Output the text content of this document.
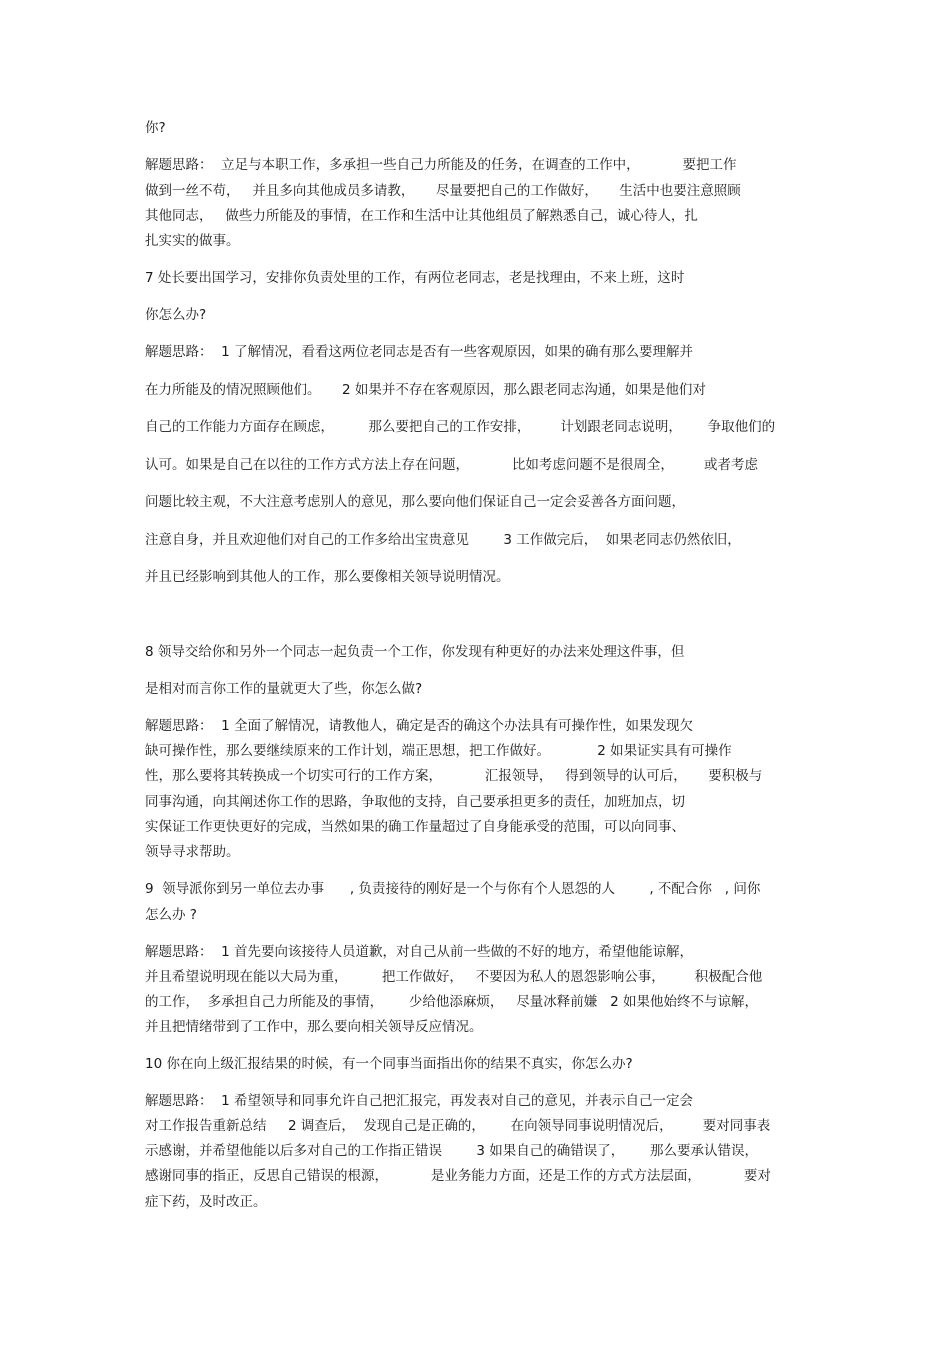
你?
解题思路：  立足与本职工作，多承担一些自己力所能及的任务，在调查的工作中，          要把工作
做到一丝不苟，   并且多向其他成员多请教，     尽量要把自己的工作做好，     生活中也要注意照顾
其他同志，   做些力所能及的事情，在工作和生活中让其他组员了解熟悉自己，诚心待人，扎
扎实实的做事。
7 处长要出国学习，安排你负责处里的工作，有两位老同志，老是找理由，不来上班，这时
你怎么办?
解题思路：  1 了解情况，看看这两位老同志是否有一些客观原因，如果的确有那么要理解并
在力所能及的情况照顾他们。     2 如果并不存在客观原因，那么跟老同志沟通，如果是他们对
自己的工作能力方面存在顾虑，        那么要把自己的工作安排，       计划跟老同志说明，      争取他们的
认可。如果是自己在以往的工作方式方法上存在问题，          比如考虑问题不是很周全，       或者考虑
问题比较主观，不大注意考虑别人的意见，那么要向他们保证自己一定会妥善各方面问题，
注意自身，并且欢迎他们对自己的工作多给出宝贵意见        3 工作做完后，  如果老同志仍然依旧，
并且已经影响到其他人的工作，那么要像相关领导说明情况。
8 领导交给你和另外一个同志一起负责一个工作，你发现有种更好的办法来处理这件事，但
是相对而言你工作的量就更大了些，你怎么做?
解题思路：  1 全面了解情况，请教他人，确定是否的确这个办法具有可操作性，如果发现欠
缺可操作性，那么要继续原来的工作计划，端正思想，把工作做好。           2 如果证实具有可操作
性，那么要将其转换成一个切实可行的工作方案，          汇报领导，   得到领导的认可后，     要积极与
同事沟通，向其阐述你工作的思路，争取他的支持，自己要承担更多的责任，加班加点，切
实保证工作更快更好的完成，当然如果的确工作量超过了自身能承受的范围，可以向同事、
领导寻求帮助。
9  领导派你到另一单位去办事      , 负责接待的刚好是一个与你有个人恩怨的人        , 不配合你   , 问你
怎么办 ?
解题思路：  1 首先要向该接待人员道歉，对自己从前一些做的不好的地方，希望他能谅解，
并且希望说明现在能以大局为重，        把工作做好，   不要因为私人的恩怨影响公事，       积极配合他
的工作，  多承担自己力所能及的事情，      少给他添麻烦，   尽量冰释前嫌   2 如果他始终不与谅解，
并且把情绪带到了工作中，那么要向相关领导反应情况。
10 你在向上级汇报结果的时候，有一个同事当面指出你的结果不真实，你怎么办?
解题思路：  1 希望领导和同事允许自己把汇报完，再发表对自己的意见，并表示自己一定会
对工作报告重新总结     2 调查后，  发现自己是正确的，      在向领导同事说明情况后，       要对同事表
示感谢，并希望他能以后多对自己的工作指正错误        3 如果自己的确错误了，      那么要承认错误，
感谢同事的指正，反思自己错误的根源，          是业务能力方面，还是工作的方式方法层面，          要对
症下药，及时改正。
